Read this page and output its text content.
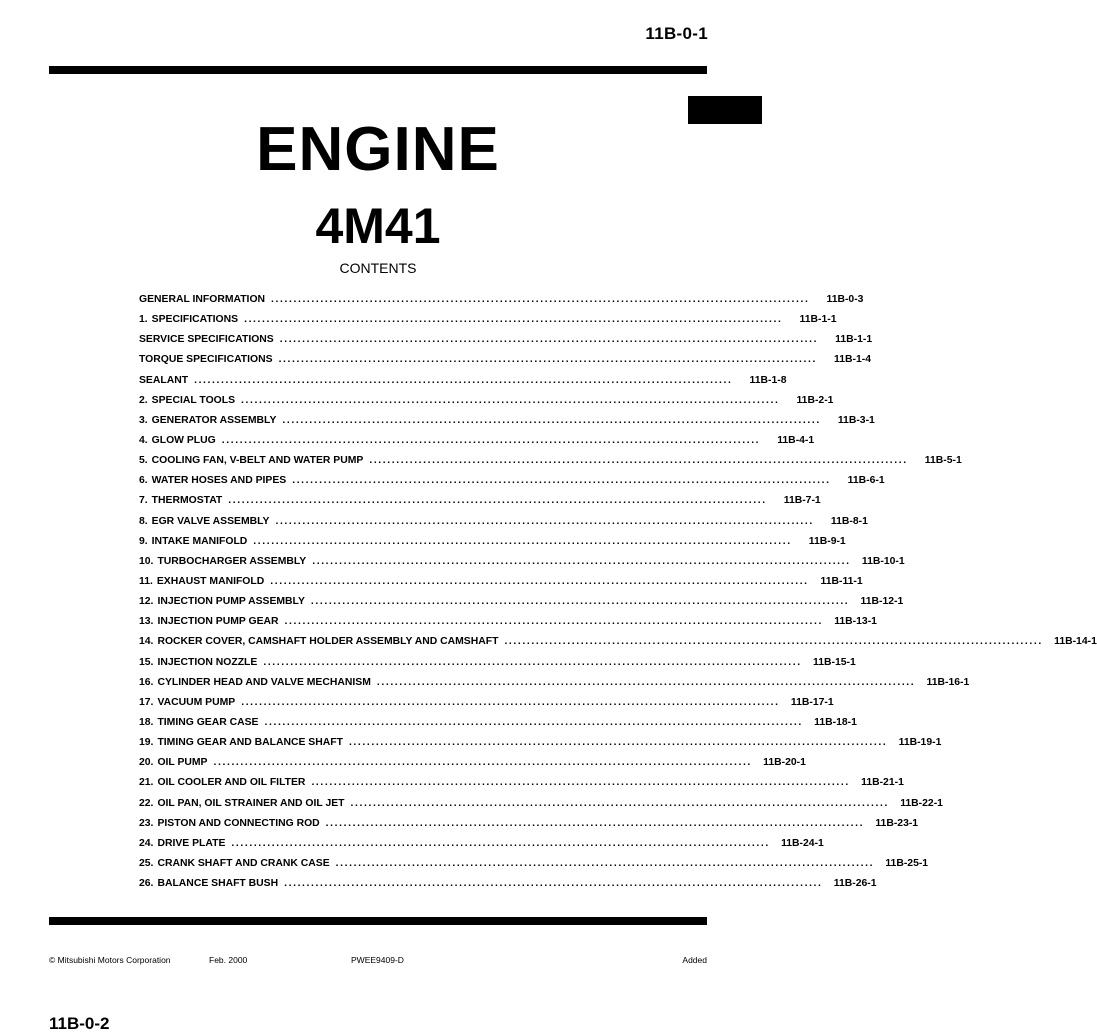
11B-0-1
ENGINE
4M41
CONTENTS
GENERAL INFORMATION ........................................................................................................................	11B-0-3
1. SPECIFICATIONS ........................................................................................................................	11B-1-1
SERVICE SPECIFICATIONS ........................................................................................................................	11B-1-1
TORQUE SPECIFICATIONS ........................................................................................................................	11B-1-4
SEALANT ........................................................................................................................	11B-1-8
2. SPECIAL TOOLS ........................................................................................................................	11B-2-1
3. GENERATOR ASSEMBLY ........................................................................................................................	11B-3-1
4. GLOW PLUG ........................................................................................................................	11B-4-1
5. COOLING FAN, V-BELT AND WATER PUMP ........................................................................................................................	11B-5-1
6. WATER HOSES AND PIPES ........................................................................................................................	11B-6-1
7. THERMOSTAT ........................................................................................................................	11B-7-1
8. EGR VALVE ASSEMBLY ........................................................................................................................	11B-8-1
9. INTAKE MANIFOLD ........................................................................................................................	11B-9-1
10. TURBOCHARGER ASSEMBLY ........................................................................................................................	11B-10-1
11. EXHAUST MANIFOLD ........................................................................................................................	11B-11-1
12. INJECTION PUMP ASSEMBLY ........................................................................................................................	11B-12-1
13. INJECTION PUMP GEAR ........................................................................................................................	11B-13-1
14. ROCKER COVER, CAMSHAFT HOLDER ASSEMBLY AND CAMSHAFT ........................................................................................................................	11B-14-1
15. INJECTION NOZZLE ........................................................................................................................	11B-15-1
16. CYLINDER HEAD AND VALVE MECHANISM ........................................................................................................................	11B-16-1
17. VACUUM PUMP ........................................................................................................................	11B-17-1
18. TIMING GEAR CASE ........................................................................................................................	11B-18-1
19. TIMING GEAR AND BALANCE SHAFT ........................................................................................................................	11B-19-1
20. OIL PUMP ........................................................................................................................	11B-20-1
21. OIL COOLER AND OIL FILTER ........................................................................................................................	11B-21-1
22. OIL PAN, OIL STRAINER AND OIL JET ........................................................................................................................	11B-22-1
23. PISTON AND CONNECTING ROD ........................................................................................................................	11B-23-1
24. DRIVE PLATE ........................................................................................................................	11B-24-1
25. CRANK SHAFT AND CRANK CASE ........................................................................................................................	11B-25-1
26. BALANCE SHAFT BUSH ........................................................................................................................	11B-26-1
© Mitsubishi Motors Corporation	Feb. 2000	PWEE9409-D	Added
11B-0-2
